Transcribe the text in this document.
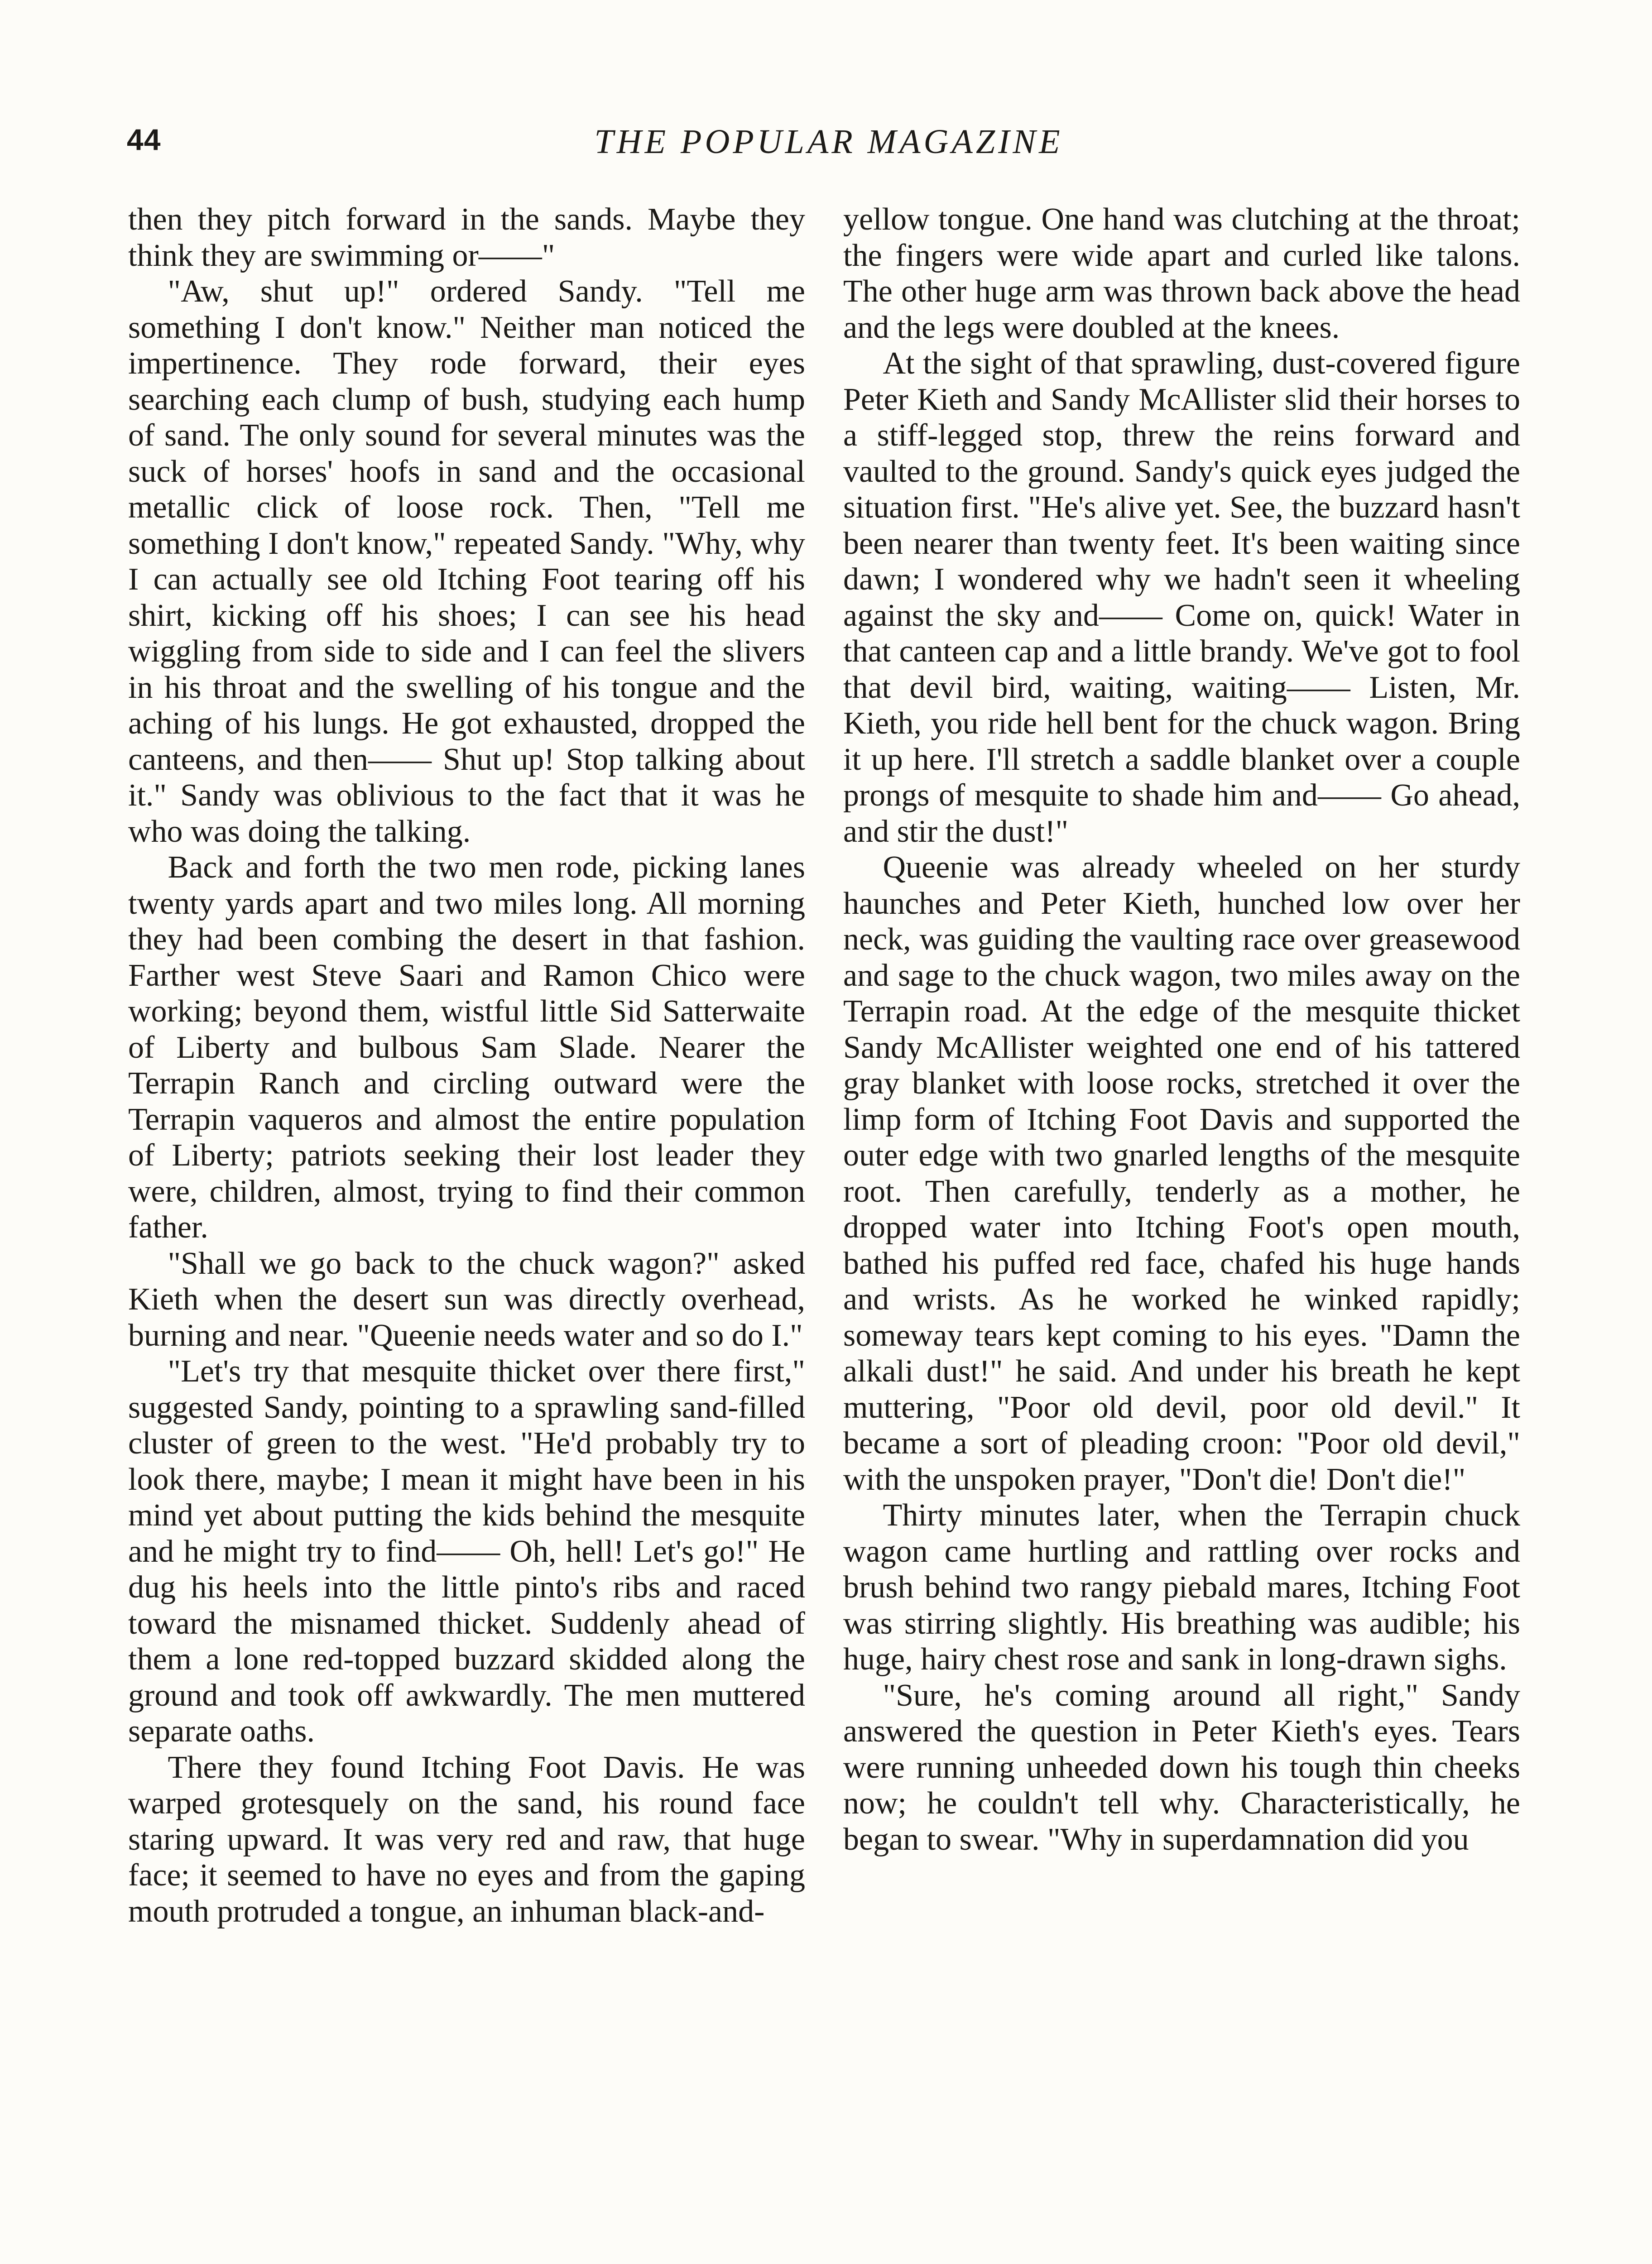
44	THE POPULAR MAGAZINE

then they pitch forward in the sands. Maybe they think they are swimming or——"

"Aw, shut up!" ordered Sandy. "Tell me something I don't know." Neither man noticed the impertinence. They rode forward, their eyes searching each clump of bush, studying each hump of sand. The only sound for several minutes was the suck of horses' hoofs in sand and the occasional metallic click of loose rock. Then, "Tell me something I don't know," repeated Sandy. "Why, why I can actually see old Itching Foot tearing off his shirt, kicking off his shoes; I can see his head wiggling from side to side and I can feel the slivers in his throat and the swelling of his tongue and the aching of his lungs. He got exhausted, dropped the canteens, and then—— Shut up! Stop talking about it." Sandy was oblivious to the fact that it was he who was doing the talking.

Back and forth the two men rode, picking lanes twenty yards apart and two miles long. All morning they had been combing the desert in that fashion. Farther west Steve Saari and Ramon Chico were working; beyond them, wistful little Sid Satterwaite of Liberty and bulbous Sam Slade. Nearer the Terrapin Ranch and circling outward were the Terrapin vaqueros and almost the entire population of Liberty; patriots seeking their lost leader they were, children, almost, trying to find their common father.

"Shall we go back to the chuck wagon?" asked Kieth when the desert sun was directly overhead, burning and near. "Queenie needs water and so do I."

"Let's try that mesquite thicket over there first," suggested Sandy, pointing to a sprawling sand-filled cluster of green to the west. "He'd probably try to look there, maybe; I mean it might have been in his mind yet about putting the kids behind the mesquite and he might try to find—— Oh, hell! Let's go!" He dug his heels into the little pinto's ribs and raced toward the misnamed thicket. Suddenly ahead of them a lone red-topped buzzard skidded along the ground and took off awkwardly. The men muttered separate oaths.

There they found Itching Foot Davis. He was warped grotesquely on the sand, his round face staring upward. It was very red and raw, that huge face; it seemed to have no eyes and from the gaping mouth protruded a tongue, an inhuman black-and-

yellow tongue. One hand was clutching at the throat; the fingers were wide apart and curled like talons. The other huge arm was thrown back above the head and the legs were doubled at the knees.

At the sight of that sprawling, dust-covered figure Peter Kieth and Sandy McAllister slid their horses to a stiff-legged stop, threw the reins forward and vaulted to the ground. Sandy's quick eyes judged the situation first. "He's alive yet. See, the buzzard hasn't been nearer than twenty feet. It's been waiting since dawn; I wondered why we hadn't seen it wheeling against the sky and—— Come on, quick! Water in that canteen cap and a little brandy. We've got to fool that devil bird, waiting, waiting—— Listen, Mr. Kieth, you ride hell bent for the chuck wagon. Bring it up here. I'll stretch a saddle blanket over a couple prongs of mesquite to shade him and—— Go ahead, and stir the dust!"

Queenie was already wheeled on her sturdy haunches and Peter Kieth, hunched low over her neck, was guiding the vaulting race over greasewood and sage to the chuck wagon, two miles away on the Terrapin road. At the edge of the mesquite thicket Sandy McAllister weighted one end of his tattered gray blanket with loose rocks, stretched it over the limp form of Itching Foot Davis and supported the outer edge with two gnarled lengths of the mesquite root. Then carefully, tenderly as a mother, he dropped water into Itching Foot's open mouth, bathed his puffed red face, chafed his huge hands and wrists. As he worked he winked rapidly; someway tears kept coming to his eyes. "Damn the alkali dust!" he said. And under his breath he kept muttering, "Poor old devil, poor old devil." It became a sort of pleading croon: "Poor old devil," with the unspoken prayer, "Don't die! Don't die!"

Thirty minutes later, when the Terrapin chuck wagon came hurtling and rattling over rocks and brush behind two rangy piebald mares, Itching Foot was stirring slightly. His breathing was audible; his huge, hairy chest rose and sank in long-drawn sighs.

"Sure, he's coming around all right," Sandy answered the question in Peter Kieth's eyes. Tears were running unheeded down his tough thin cheeks now; he couldn't tell why. Characteristically, he began to swear. "Why in superdamnation did you
